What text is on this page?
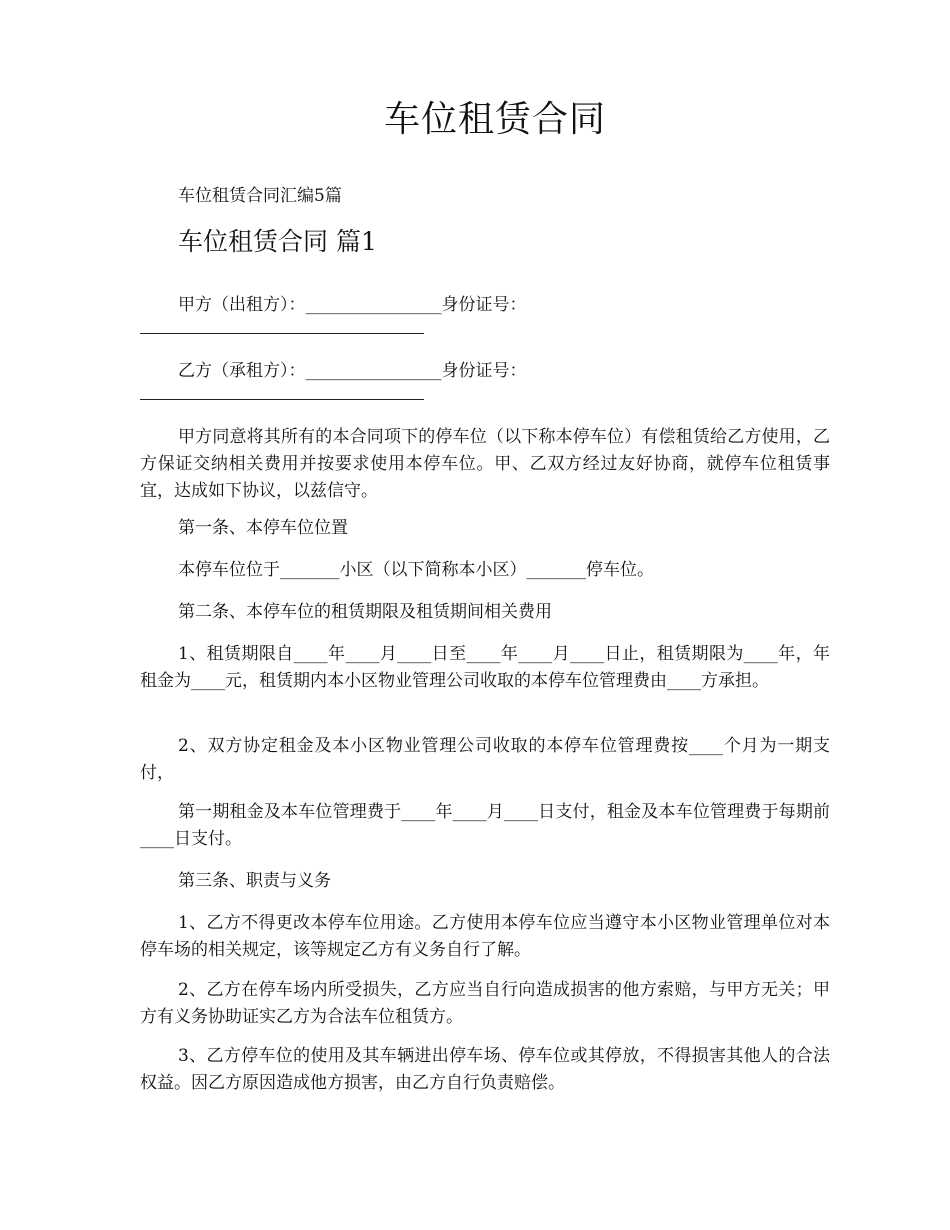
车位租赁合同
车位租赁合同汇编5篇
车位租赁合同 篇1
甲方（出租方）：________________身份证号：
乙方（承租方）：________________身份证号：
甲方同意将其所有的本合同项下的停车位（以下称本停车位）有偿租赁给乙方使用，乙方保证交纳相关费用并按要求使用本停车位。甲、乙双方经过友好协商，就停车位租赁事宜，达成如下协议，以兹信守。
第一条、本停车位位置
本停车位位于_______小区（以下简称本小区）_______停车位。
第二条、本停车位的租赁期限及租赁期间相关费用
1、租赁期限自____年____月____日至____年____月____日止，租赁期限为____年，年租金为____元，租赁期内本小区物业管理公司收取的本停车位管理费由____方承担。
2、双方协定租金及本小区物业管理公司收取的本停车位管理费按____个月为一期支付，
第一期租金及本车位管理费于____年____月____日支付，租金及本车位管理费于每期前____日支付。
第三条、职责与义务
1、乙方不得更改本停车位用途。乙方使用本停车位应当遵守本小区物业管理单位对本停车场的相关规定，该等规定乙方有义务自行了解。
2、乙方在停车场内所受损失，乙方应当自行向造成损害的他方索赔，与甲方无关；甲方有义务协助证实乙方为合法车位租赁方。
3、乙方停车位的使用及其车辆进出停车场、停车位或其停放，不得损害其他人的合法权益。因乙方原因造成他方损害，由乙方自行负责赔偿。
